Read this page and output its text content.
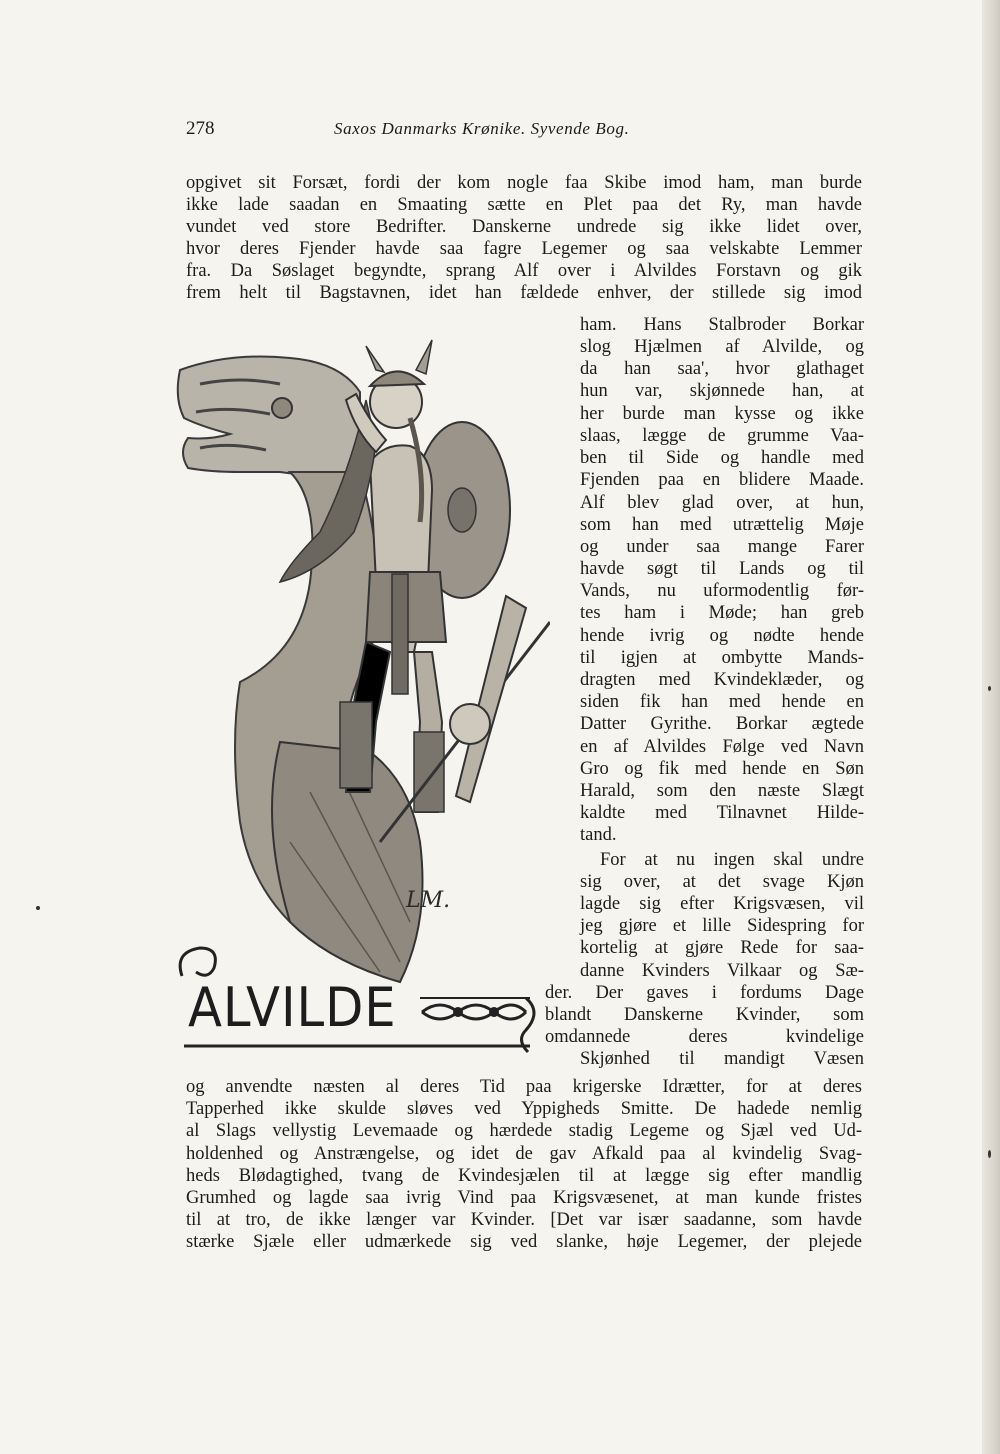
278	Saxos Danmarks Krønike. Syvende Bog.

opgivet sit Forsæt, fordi der kom nogle faa Skibe imod ham, man burde

ikke lade saadan en Smaating sætte en Plet paa det Ry, man havde

vundet ved store Bedrifter. Danskerne undrede sig ikke lidet over,

hvor deres Fjender havde saa fagre Legemer og saa velskabte Lemmer

fra. Da Søslaget begyndte, sprang Alf over i Alvildes Forstavn og gik

frem helt til Bagstavnen, idet han fældede enhver, der stillede sig imod

ham. Hans Stalbroder Borkar

slog Hjælmen af Alvilde, og

da han saa', hvor glathaget

hun var, skjønnede han, at

her burde man kysse og ikke

slaas, lægge de grumme Vaa-

ben til Side og handle med

Fjenden paa en blidere Maade.

Alf blev glad over, at hun,

som han med utrættelig Møje

og under saa mange Farer

havde søgt til Lands og til

Vands, nu uformodentlig før-

tes ham i Møde; han greb

hende ivrig og nødte hende

til igjen at ombytte Mands-

dragten med Kvindeklæder, og

siden fik han med hende en

Datter Gyrithe. Borkar ægtede

en af Alvildes Følge ved Navn

Gro og fik med hende en Søn

Harald, som den næste Slægt

kaldte med Tilnavnet Hilde-

tand.

For at nu ingen skal undre

sig over, at det svage Kjøn

lagde sig efter Krigsvæsen, vil

jeg gjøre et lille Sidespring for

kortelig at gjøre Rede for saa-

danne Kvinders Vilkaar og Sæ-

der. Der gaves i fordums Dage

blandt Danskerne Kvinder, som

omdannede deres kvindelige

Skjønhed til mandigt Væsen

og anvendte næsten al deres Tid paa krigerske Idrætter, for at deres

Tapperhed ikke skulde sløves ved Yppigheds Smitte. De hadede nemlig

al Slags vellystig Levemaade og hærdede stadig Legeme og Sjæl ved Ud-

holdenhed og Anstrængelse, og idet de gav Afkald paa al kvindelig Svag-

heds Blødagtighed, tvang de Kvindesjælen til at lægge sig efter mandlig

Grumhed og lagde saa ivrig Vind paa Krigsvæsenet, at man kunde fristes

til at tro, de ikke længer var Kvinder. [Det var især saadanne, som havde

stærke Sjæle eller udmærkede sig ved slanke, høje Legemer, der plejede

LM.
ALVILDE
